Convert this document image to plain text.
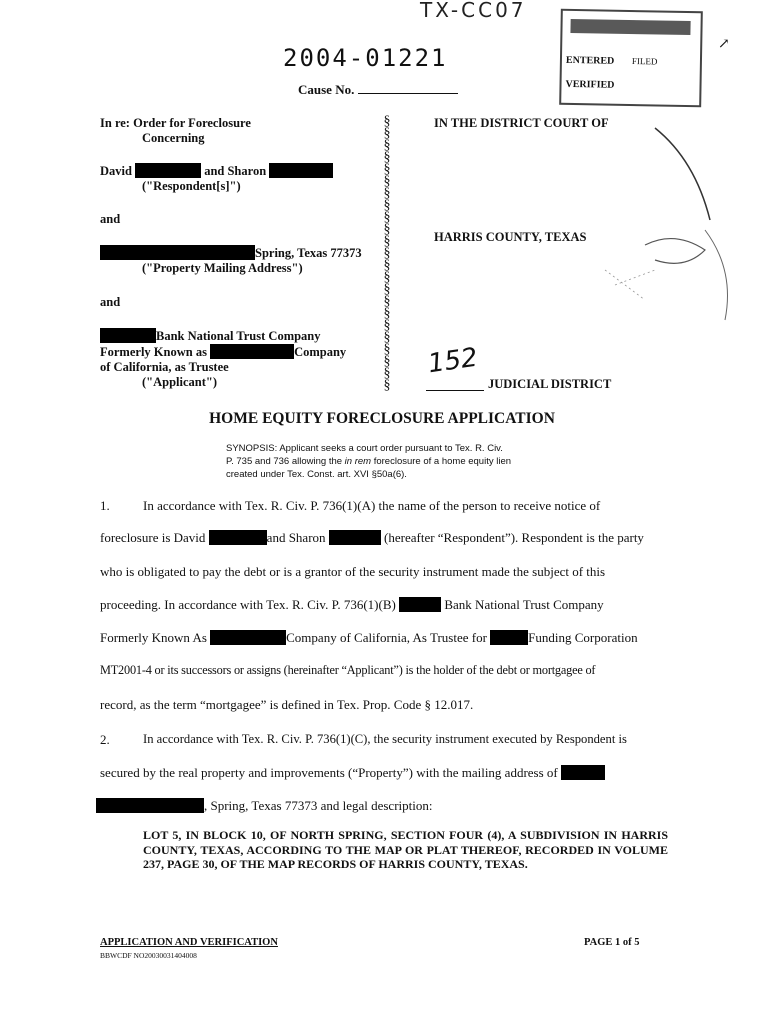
TX-CC07
ENTERED
VERIFIED
FILED
↗
2004-01221
Cause No.
In re: Order for Foreclosure
Concerning
David	and Sharon
("Respondent[s]")
and
Spring, Texas 77373
("Property Mailing Address")
and
Bank National Trust Company
Formerly Known as	Company
of California, as Trustee
("Applicant")
§
§
§
§
§
§
§
§
§
§
§
§
§
§
§
§
§
§
§
§
§
§
§

IN THE DISTRICT COURT OF
HARRIS COUNTY, TEXAS
152
JUDICIAL DISTRICT
HOME EQUITY FORECLOSURE APPLICATION
SYNOPSIS: Applicant seeks a court order pursuant to Tex. R. Civ.
P. 735 and 736 allowing the in rem foreclosure of a home equity lien
created under Tex. Const. art. XVI §50a(6).
1.	In accordance with Tex. R. Civ. P. 736(1)(A) the name of the person to receive notice of
foreclosure is David	and Sharon	(hereafter “Respondent”). Respondent is the party
who is obligated to pay the debt or is a grantor of the security instrument made the subject of this
proceeding. In accordance with Tex. R. Civ. P. 736(1)(B)	Bank National Trust Company
Formerly Known As	Company of California, As Trustee for	Funding Corporation
MT2001-4 or its successors or assigns (hereinafter “Applicant”) is the holder of the debt or mortgagee of
record, as the term “mortgagee” is defined in Tex. Prop. Code § 12.017.
2.	In accordance with Tex. R. Civ. P. 736(1)(C), the security instrument executed by Respondent is
secured by the real property and improvements (“Property”) with the mailing address of
, Spring, Texas 77373 and legal description:
LOT 5, IN BLOCK 10, OF NORTH SPRING, SECTION FOUR (4), A SUBDIVISION IN HARRIS COUNTY, TEXAS, ACCORDING TO THE MAP OR PLAT THEREOF, RECORDED IN VOLUME 237, PAGE 30, OF THE MAP RECORDS OF HARRIS COUNTY, TEXAS.
APPLICATION AND VERIFICATION
BBWCDF NO20030031404008
PAGE 1 of 5
